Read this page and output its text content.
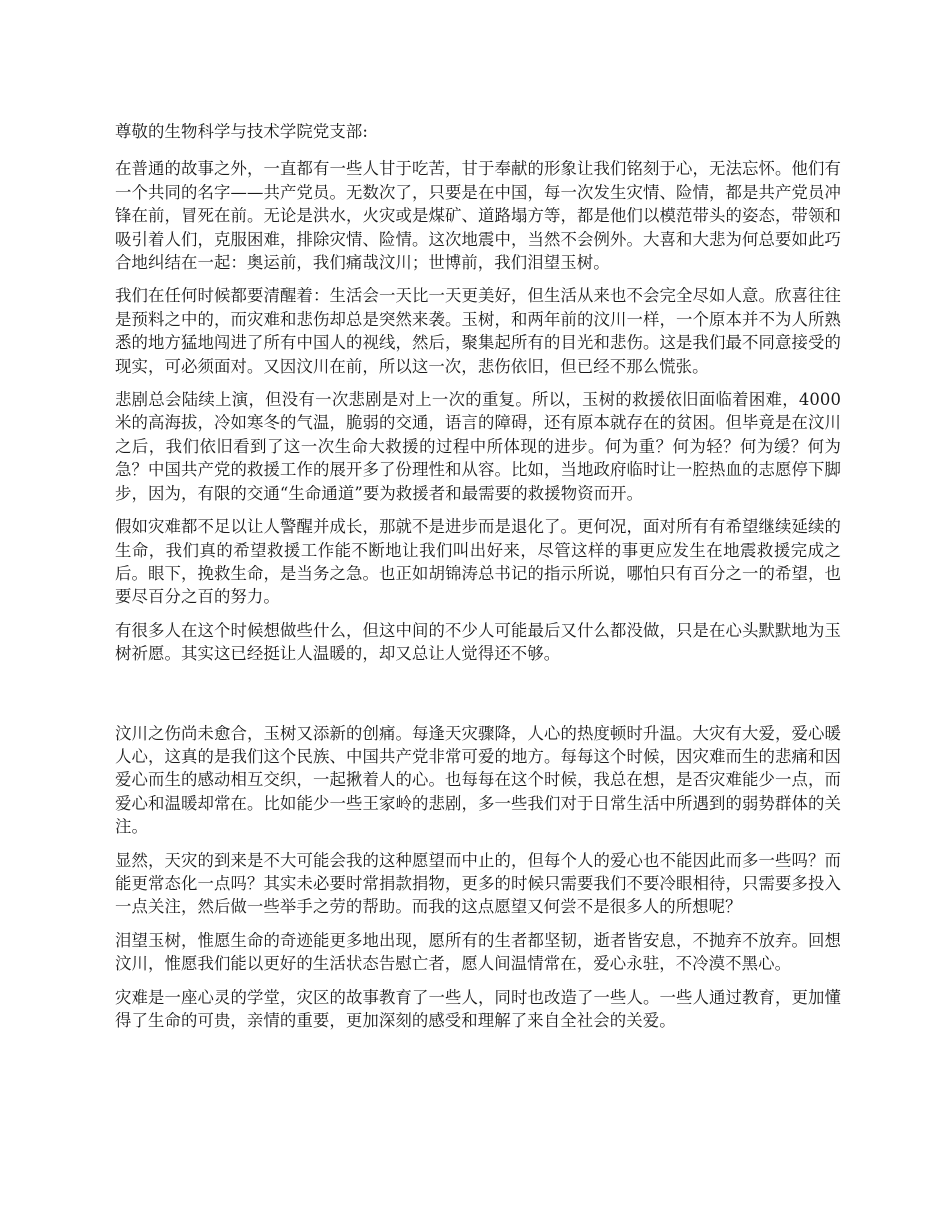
尊敬的生物科学与技术学院党支部:

在普通的故事之外，一直都有一些人甘于吃苦，甘于奉献的形象让我们铭刻于心，无法忘怀。他们有一个共同的名字——共产党员。无数次了，只要是在中国，每一次发生灾情、险情，都是共产党员冲锋在前，冒死在前。无论是洪水，火灾或是煤矿、道路塌方等，都是他们以模范带头的姿态，带领和吸引着人们，克服困难，排除灾情、险情。这次地震中，当然不会例外。大喜和大悲为何总要如此巧合地纠结在一起：奥运前，我们痛哉汶川；世博前，我们泪望玉树。

我们在任何时候都要清醒着：生活会一天比一天更美好，但生活从来也不会完全尽如人意。欣喜往往是预料之中的，而灾难和悲伤却总是突然来袭。玉树，和两年前的汶川一样，一个原本并不为人所熟悉的地方猛地闯进了所有中国人的视线，然后，聚集起所有的目光和悲伤。这是我们最不同意接受的现实，可必须面对。又因汶川在前，所以这一次，悲伤依旧，但已经不那么慌张。

悲剧总会陆续上演，但没有一次悲剧是对上一次的重复。所以，玉树的救援依旧面临着困难，4000米的高海拔，冷如寒冬的气温，脆弱的交通，语言的障碍，还有原本就存在的贫困。但毕竟是在汶川之后，我们依旧看到了这一次生命大救援的过程中所体现的进步。何为重？何为轻？何为缓？何为急？中国共产党的救援工作的展开多了份理性和从容。比如，当地政府临时让一腔热血的志愿停下脚步，因为，有限的交通“生命通道”要为救援者和最需要的救援物资而开。

假如灾难都不足以让人警醒并成长，那就不是进步而是退化了。更何况，面对所有有希望继续延续的生命，我们真的希望救援工作能不断地让我们叫出好来，尽管这样的事更应发生在地震救援完成之后。眼下，挽救生命，是当务之急。也正如胡锦涛总书记的指示所说，哪怕只有百分之一的希望，也要尽百分之百的努力。

有很多人在这个时候想做些什么，但这中间的不少人可能最后又什么都没做，只是在心头默默地为玉树祈愿。其实这已经挺让人温暖的，却又总让人觉得还不够。

汶川之伤尚未愈合，玉树又添新的创痛。每逢天灾骤降，人心的热度顿时升温。大灾有大爱，爱心暖人心，这真的是我们这个民族、中国共产党非常可爱的地方。每每这个时候，因灾难而生的悲痛和因爱心而生的感动相互交织，一起揪着人的心。也每每在这个时候，我总在想，是否灾难能少一点，而爱心和温暖却常在。比如能少一些王家岭的悲剧，多一些我们对于日常生活中所遇到的弱势群体的关注。

显然，天灾的到来是不大可能会我的这种愿望而中止的，但每个人的爱心也不能因此而多一些吗？而能更常态化一点吗？其实未必要时常捐款捐物，更多的时候只需要我们不要冷眼相待，只需要多投入一点关注，然后做一些举手之劳的帮助。而我的这点愿望又何尝不是很多人的所想呢？

泪望玉树，惟愿生命的奇迹能更多地出现，愿所有的生者都坚韧，逝者皆安息，不抛弃不放弃。回想汶川，惟愿我们能以更好的生活状态告慰亡者，愿人间温情常在，爱心永驻，不冷漠不黑心。

灾难是一座心灵的学堂，灾区的故事教育了一些人，同时也改造了一些人。一些人通过教育，更加懂得了生命的可贵，亲情的重要，更加深刻的感受和理解了来自全社会的关爱。
